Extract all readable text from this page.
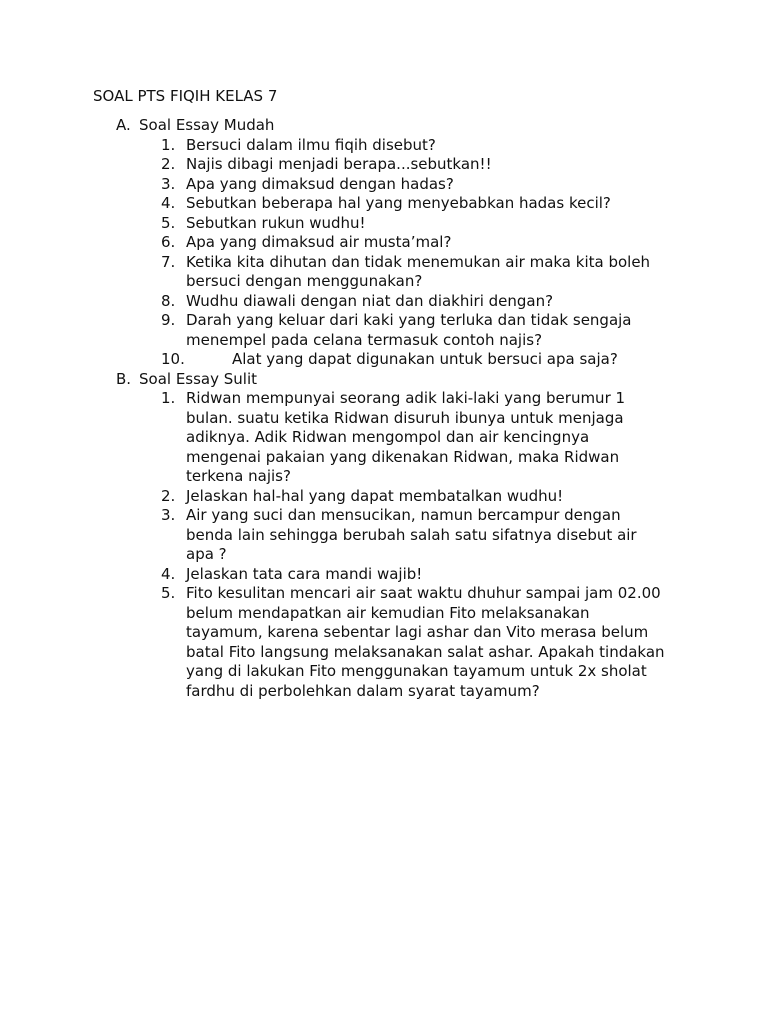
SOAL PTS FIQIH KELAS 7
A. Soal Essay Mudah
1. Bersuci dalam ilmu fiqih disebut?
2. Najis dibagi menjadi berapa...sebutkan!!
3. Apa yang dimaksud dengan hadas?
4. Sebutkan beberapa hal yang menyebabkan hadas kecil?
5. Sebutkan rukun wudhu!
6. Apa yang dimaksud air musta’mal?
7. Ketika kita dihutan dan tidak menemukan air maka kita boleh bersuci dengan menggunakan?
8. Wudhu diawali dengan niat dan diakhiri dengan?
9. Darah yang keluar dari kaki yang terluka dan tidak sengaja menempel pada celana termasuk contoh najis?
10.	Alat yang dapat digunakan untuk bersuci apa saja?
B. Soal Essay Sulit
1. Ridwan mempunyai seorang adik laki-laki yang berumur 1 bulan. suatu ketika Ridwan disuruh ibunya untuk menjaga adiknya. Adik Ridwan mengompol dan air kencingnya mengenai pakaian yang dikenakan Ridwan, maka Ridwan terkena najis?
2. Jelaskan hal-hal yang dapat membatalkan wudhu!
3. Air yang suci dan mensucikan, namun bercampur dengan benda lain sehingga berubah salah satu sifatnya disebut air apa ?
4. Jelaskan tata cara mandi wajib!
5. Fito kesulitan mencari air saat waktu dhuhur sampai jam 02.00 belum mendapatkan air kemudian Fito melaksanakan tayamum, karena sebentar lagi ashar dan Vito merasa belum batal Fito langsung melaksanakan salat ashar. Apakah tindakan yang di lakukan Fito menggunakan tayamum untuk 2x sholat fardhu di perbolehkan dalam syarat tayamum?
